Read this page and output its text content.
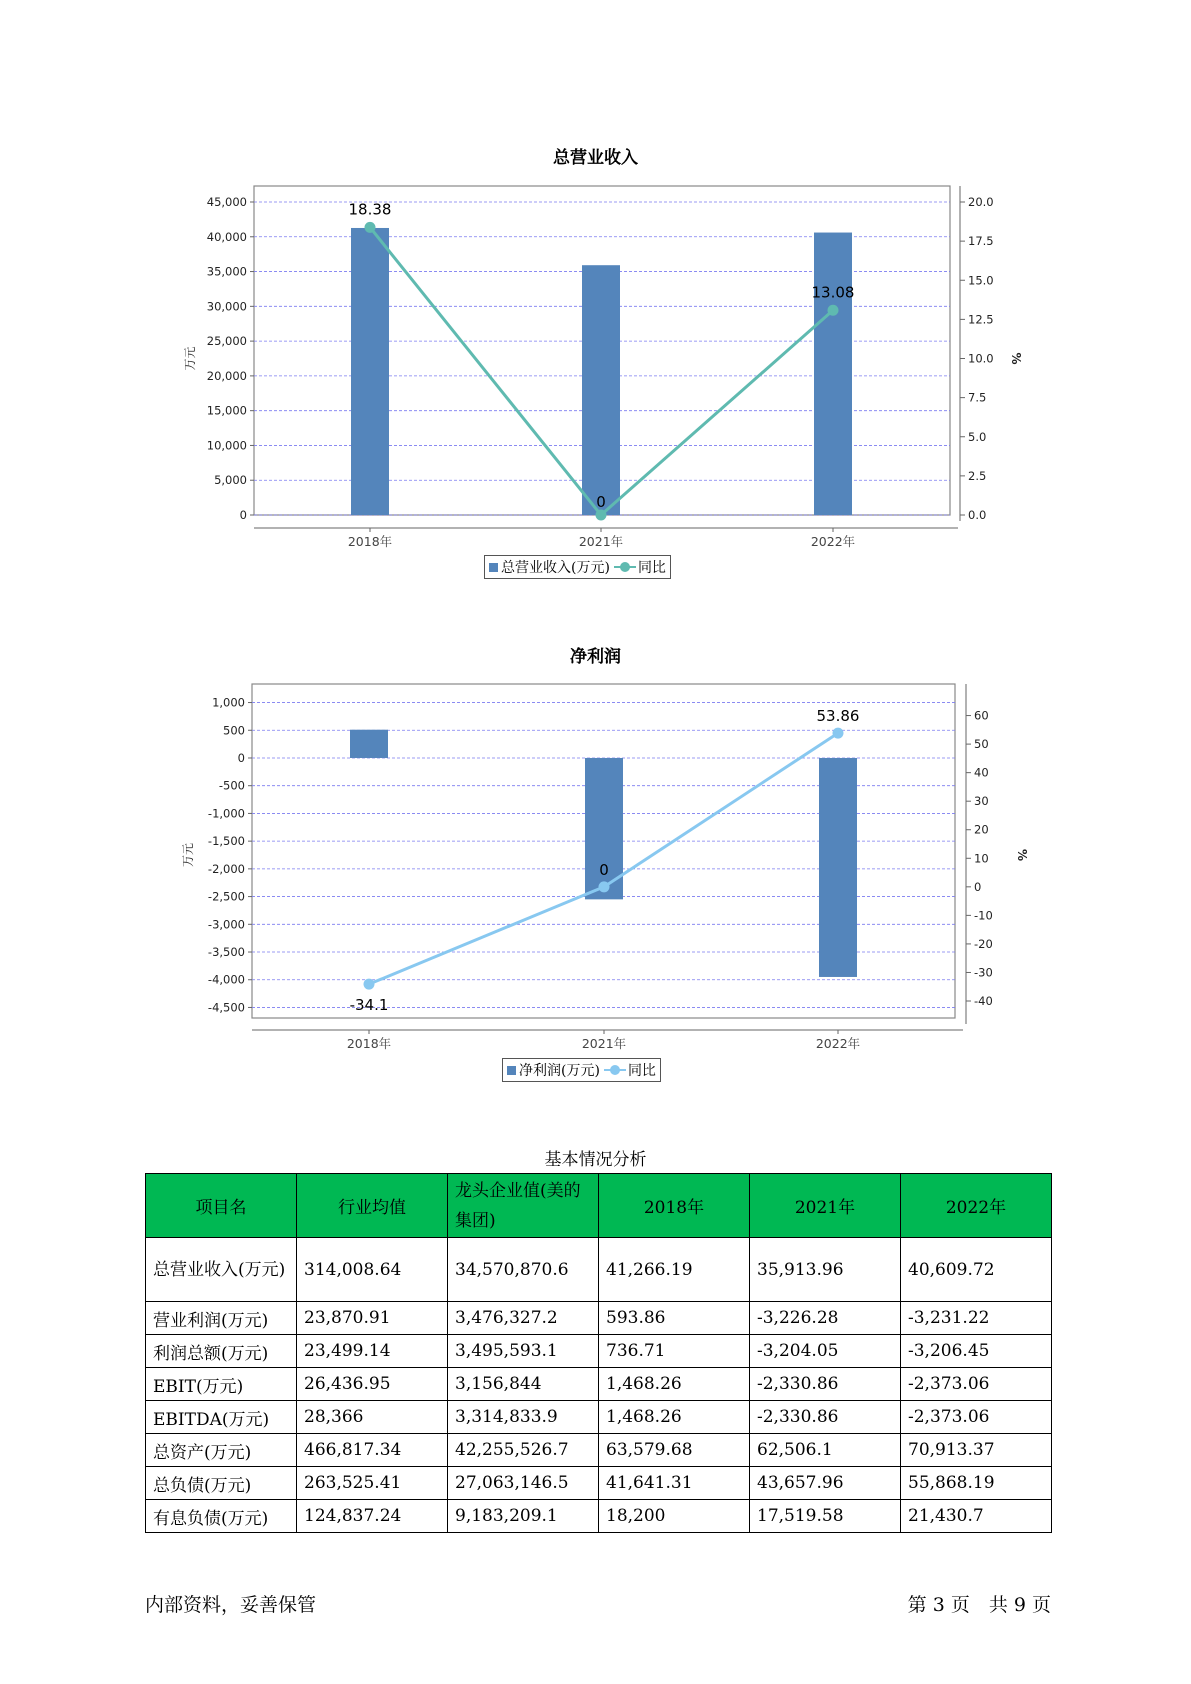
总营业收入
0
5,000
10,000
15,000
20,000
25,000
30,000
35,000
40,000
45,000
0.0
2.5
5.0
7.5
10.0
12.5
15.0
17.5
20.0
万元	%
2018年	2021年	2022年
18.38
0
13.08
总营业收入(万元) 同比
净利润
-4,500
-4,000
-3,500
-3,000
-2,500
-2,000
-1,500
-1,000
-500
0
500
1,000
-40
-30
-20
-10
0
10
20
30
40
50
60
万元	%
2018年	2021年	2022年
-34.1
0
53.86
净利润(万元) 同比
基本情况分析
项目名	行业均值	龙头企业值(美的集团)	2018年	2021年	2022年
总营业收入(万元)	314,008.64	34,570,870.6	41,266.19	35,913.96	40,609.72
营业利润(万元)	23,870.91	3,476,327.2	593.86	-3,226.28	-3,231.22
利润总额(万元)	23,499.14	3,495,593.1	736.71	-3,204.05	-3,206.45
EBIT(万元)	26,436.95	3,156,844	1,468.26	-2,330.86	-2,373.06
EBITDA(万元)	28,366	3,314,833.9	1,468.26	-2,330.86	-2,373.06
总资产(万元)	466,817.34	42,255,526.7	63,579.68	62,506.1	70,913.37
总负债(万元)	263,525.41	27,063,146.5	41,641.31	43,657.96	55,868.19
有息负债(万元)	124,837.24	9,183,209.1	18,200	17,519.58	21,430.7
内部资料，妥善保管	第 3 页　共 9 页
